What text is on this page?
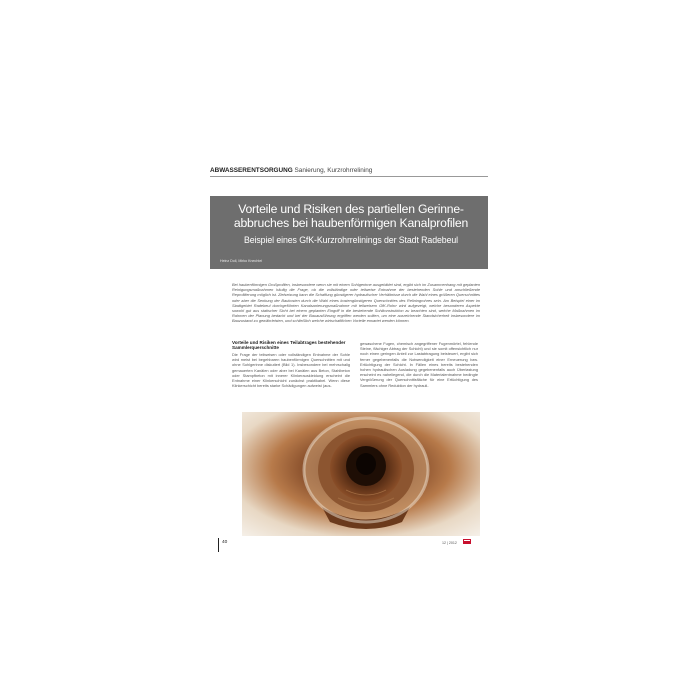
ABWASSERENTSORGUNG Sanierung, Kurzrohrrelining
Vorteile und Risiken des partiellen Gerinne-abbruches bei haubenförmigen Kanalprofilen
Beispiel eines GfK-Kurzrohrrelinings der Stadt Radebeul
Heinz Doll, Mirko Knechtel

Bei haubenförmigen Großprofilen, insbesondere wenn sie mit einem Sohlgerinne ausgebildet sind, ergibt sich im Zusammenhang mit geplanten Reinigungsmaßnahmen häufig die Frage, ob die vollständige oder teilweise Entnahme der bestehenden Sohle und anschließende Reprofilierung möglich ist. Zielsetzung kann die Schaffung günstigerer hydraulischer Verhältnisse durch die Wahl eines größeren Querschnittes oder aber die Senkung der Baukosten durch die Wahl eines kostengünstigeren Querschnittes des Reliningrohres sein. Am Beispiel einer im Stadtgebiet Radebeul durchgeführten Kanalsanierungsmaßnahme mit teilweisem GfK-Rohrr wird aufgezeigt, welche besonderen Aspekte sowohl gut aus statischer Sicht bei einem geplanten Eingriff in die bestehende Sohlkonstruktion zu beachten sind, welche Maßnahmen im Rahmen der Planung bedacht und bei der Bauausführung ergriffen werden sollten, um eine ausreichende Standsicherheit insbesondere im Bauzustand zu gewährleisten, und schließlich welche wirtschaftlichen Vorteile erwartet werden können.

Vorteile und Risiken eines Teilabtrages bestehender Sammlerquerschnitte

Die Frage der teilweisen oder vollständigen Entnahme der Sohle wird meist bei begehbaren haubenförmigen Querschnitten mit und ohne Sohlgerinne diskutiert (Bild 1). Insbesondere bei mehrschalig gemauerten Kanälen oder aber bei Kanälen aus Beton, Stahlbeton oder Stampfbeton mit innerer Klinkerauskleidung erscheint die Entnahme einer Klinkerschicht zunächst praktikabel. Wenn diese Klinkerschicht bereits starke Schädigungen aufweist (aus-

gewaschene Fugen, chemisch angegriffener Fugenmörtel, fehlende Steine, flächiger Abtrag der Schicht) und sie somit offensichtlich nur noch einen geringen Anteil zur Lastabtragung beisteuert, ergibt sich ferner gegebenenfalls die Notwendigkeit einer Erneuerung bzw. Ertüchtigung der Schicht. In Fällen eines bereits bestehenden hohen hydraulischen Ausladung gegebenenfalls auch Überlastung erscheint es naheliegend, die durch die Materialentnahme bedingte Vergrößerung der Querschnittsfläche für eine Ertüchtigung des Sammlers ohne Reduktion der hydrauli-

40	12 | 2012
